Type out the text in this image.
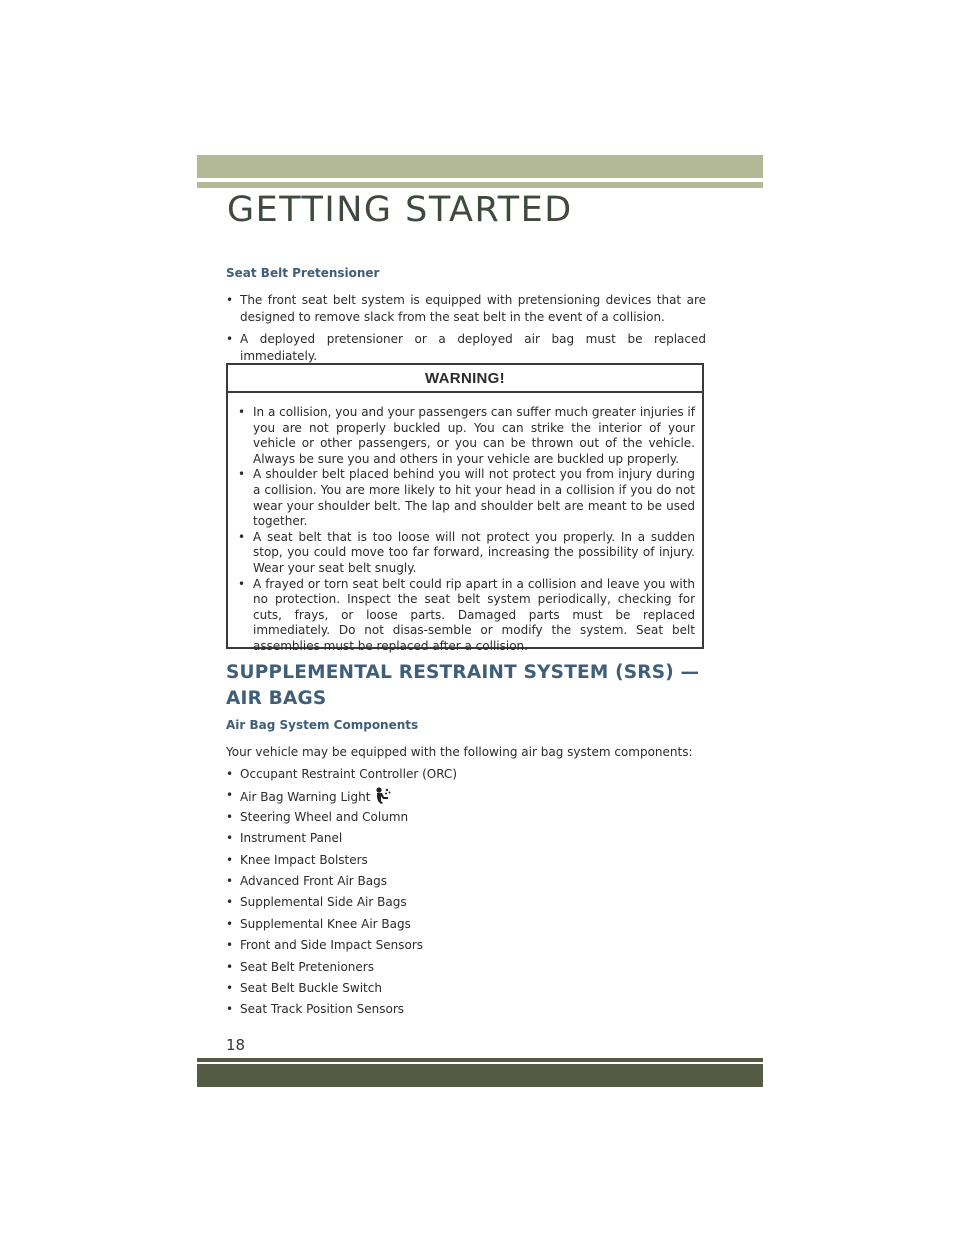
GETTING STARTED
Seat Belt Pretensioner
• The front seat belt system is equipped with pretensioning devices that are designed to remove slack from the seat belt in the event of a collision.
• A deployed pretensioner or a deployed air bag must be replaced immediately.
WARNING!
• In a collision, you and your passengers can suffer much greater injuries if you are not properly buckled up. You can strike the interior of your vehicle or other passengers, or you can be thrown out of the vehicle. Always be sure you and others in your vehicle are buckled up properly.
• A shoulder belt placed behind you will not protect you from injury during a collision. You are more likely to hit your head in a collision if you do not wear your shoulder belt. The lap and shoulder belt are meant to be used together.
• A seat belt that is too loose will not protect you properly. In a sudden stop, you could move too far forward, increasing the possibility of injury. Wear your seat belt snugly.
• A frayed or torn seat belt could rip apart in a collision and leave you with no protection. Inspect the seat belt system periodically, checking for cuts, frays, or loose parts. Damaged parts must be replaced immediately. Do not disas-semble or modify the system. Seat belt assemblies must be replaced after a collision.
SUPPLEMENTAL RESTRAINT SYSTEM (SRS) — AIR BAGS
Air Bag System Components
Your vehicle may be equipped with the following air bag system components:
• Occupant Restraint Controller (ORC)
• Air Bag Warning Light
• Steering Wheel and Column
• Instrument Panel
• Knee Impact Bolsters
• Advanced Front Air Bags
• Supplemental Side Air Bags
• Supplemental Knee Air Bags
• Front and Side Impact Sensors
• Seat Belt Pretenioners
• Seat Belt Buckle Switch
• Seat Track Position Sensors
18
